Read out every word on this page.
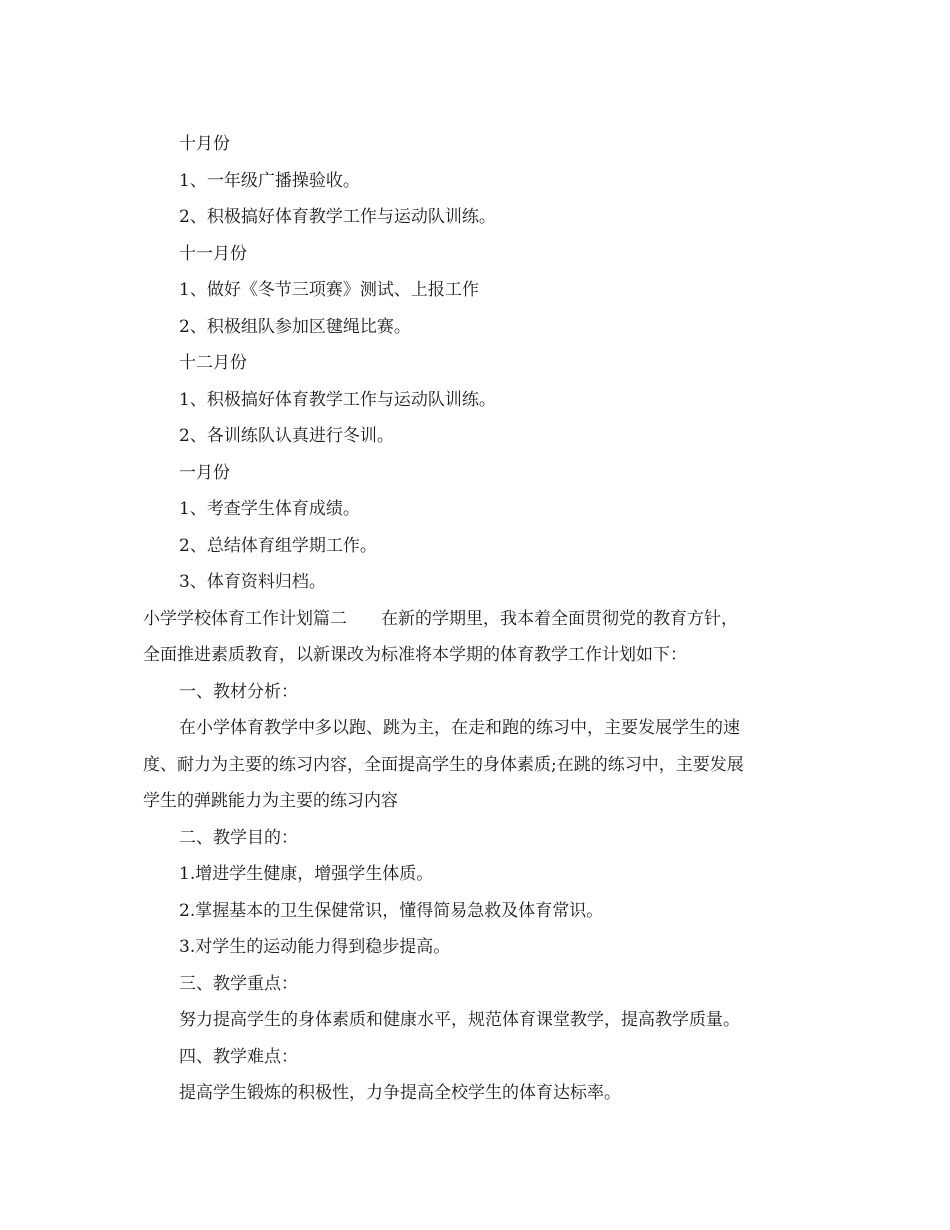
十月份
1、一年级广播操验收。
2、积极搞好体育教学工作与运动队训练。
十一月份
1、做好《冬节三项赛》测试、上报工作
2、积极组队参加区毽绳比赛。
十二月份
1、积极搞好体育教学工作与运动队训练。
2、各训练队认真进行冬训。
一月份
1、考查学生体育成绩。
2、总结体育组学期工作。
3、体育资料归档。
小学学校体育工作计划篇二 在新的学期里，我本着全面贯彻党的教育方针，
全面推进素质教育，以新课改为标准将本学期的体育教学工作计划如下：
一、教材分析：
在小学体育教学中多以跑、跳为主，在走和跑的练习中，主要发展学生的速
度、耐力为主要的练习内容，全面提高学生的身体素质;在跳的练习中，主要发展
学生的弹跳能力为主要的练习内容
二、教学目的：
1.增进学生健康，增强学生体质。
2.掌握基本的卫生保健常识，懂得简易急救及体育常识。
3.对学生的运动能力得到稳步提高。
三、教学重点：
努力提高学生的身体素质和健康水平，规范体育课堂教学，提高教学质量。
四、教学难点：
提高学生锻炼的积极性，力争提高全校学生的体育达标率。
